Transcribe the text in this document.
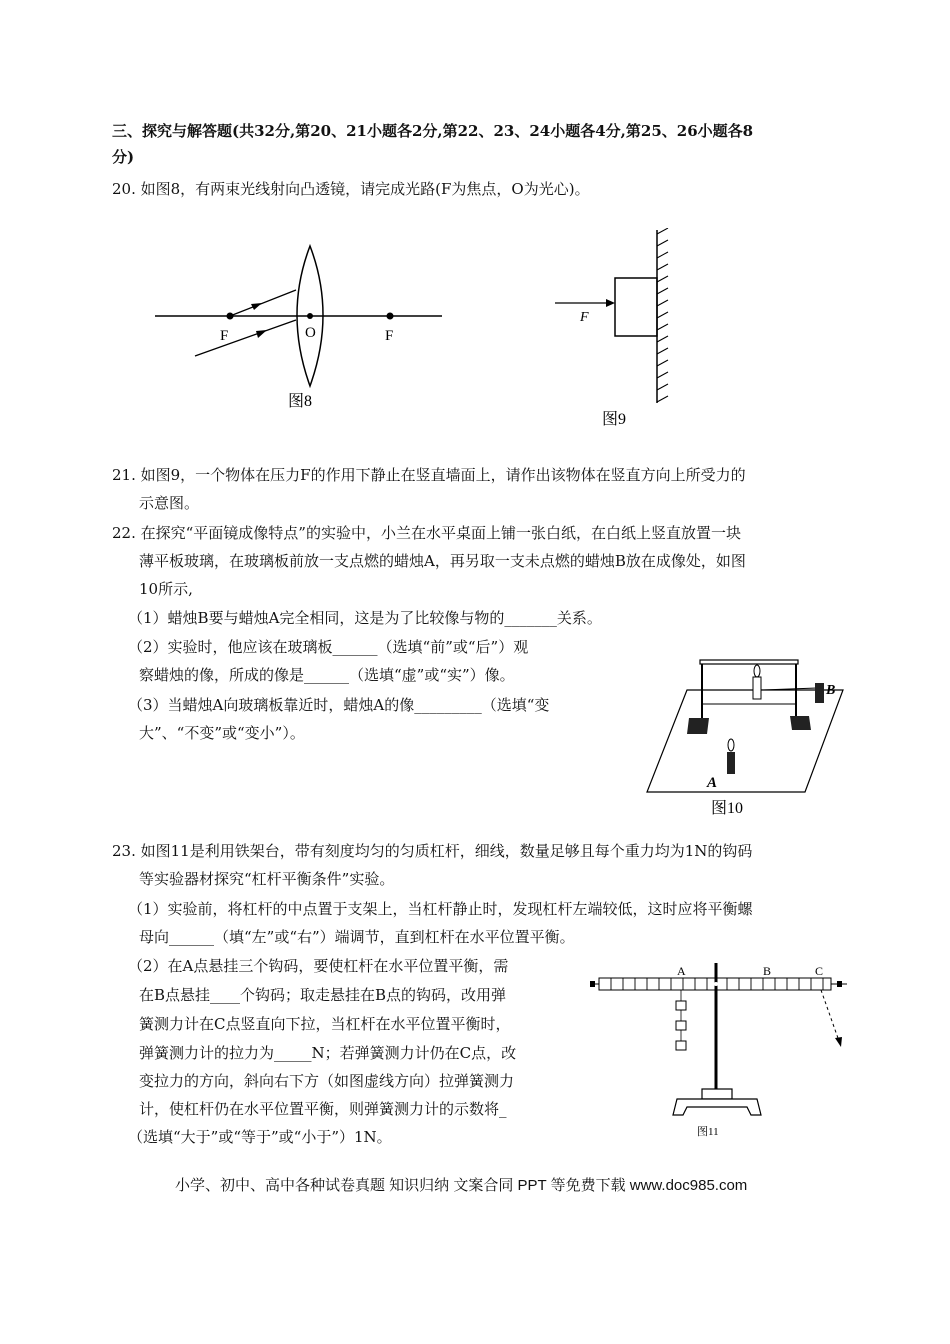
三、探究与解答题(共32分,第20、21小题各2分,第22、23、24小题各4分,第25、26小题各8
分)
20. 如图8，有两束光线射向凸透镜，请完成光路(F为焦点，O为光心)。
F	O	F
图8
F
图9
21. 如图9，一个物体在压力F的作用下静止在竖直墙面上，请作出该物体在竖直方向上所受力的
示意图。
22. 在探究“平面镜成像特点”的实验中，小兰在水平桌面上铺一张白纸，在白纸上竖直放置一块
薄平板玻璃，在玻璃板前放一支点燃的蜡烛A，再另取一支未点燃的蜡烛B放在成像处，如图
10所示,
（1）蜡烛B要与蜡烛A完全相同，这是为了比较像与物的_______关系。
（2）实验时，他应该在玻璃板______（选填“前”或“后”）观
察蜡烛的像，所成的像是______（选填“虚”或“实”）像。
（3）当蜡烛A向玻璃板靠近时，蜡烛A的像_________（选填“变
大”、“不变”或“变小”）。
B
A
图10
23. 如图11是利用铁架台，带有刻度均匀的匀质杠杆，细线，数量足够且每个重力均为1N的钩码
等实验器材探究“杠杆平衡条件”实验。
（1）实验前，将杠杆的中点置于支架上，当杠杆静止时，发现杠杆左端较低，这时应将平衡螺
母向______（填“左”或“右”）端调节，直到杠杆在水平位置平衡。
（2）在A点悬挂三个钩码，要使杠杆在水平位置平衡，需
在B点悬挂____个钩码；取走悬挂在B点的钩码，改用弹
簧测力计在C点竖直向下拉，当杠杆在水平位置平衡时，
弹簧测力计的拉力为_____N；若弹簧测力计仍在C点，改
变拉力的方向，斜向右下方（如图虚线方向）拉弹簧测力
计，使杠杆仍在水平位置平衡，则弹簧测力计的示数将_
（选填“大于”或“等于”或“小于”）1N。
A	B	C
图11
小学、初中、高中各种试卷真题 知识归纳 文案合同 PPT 等免费下载 www.doc985.com
